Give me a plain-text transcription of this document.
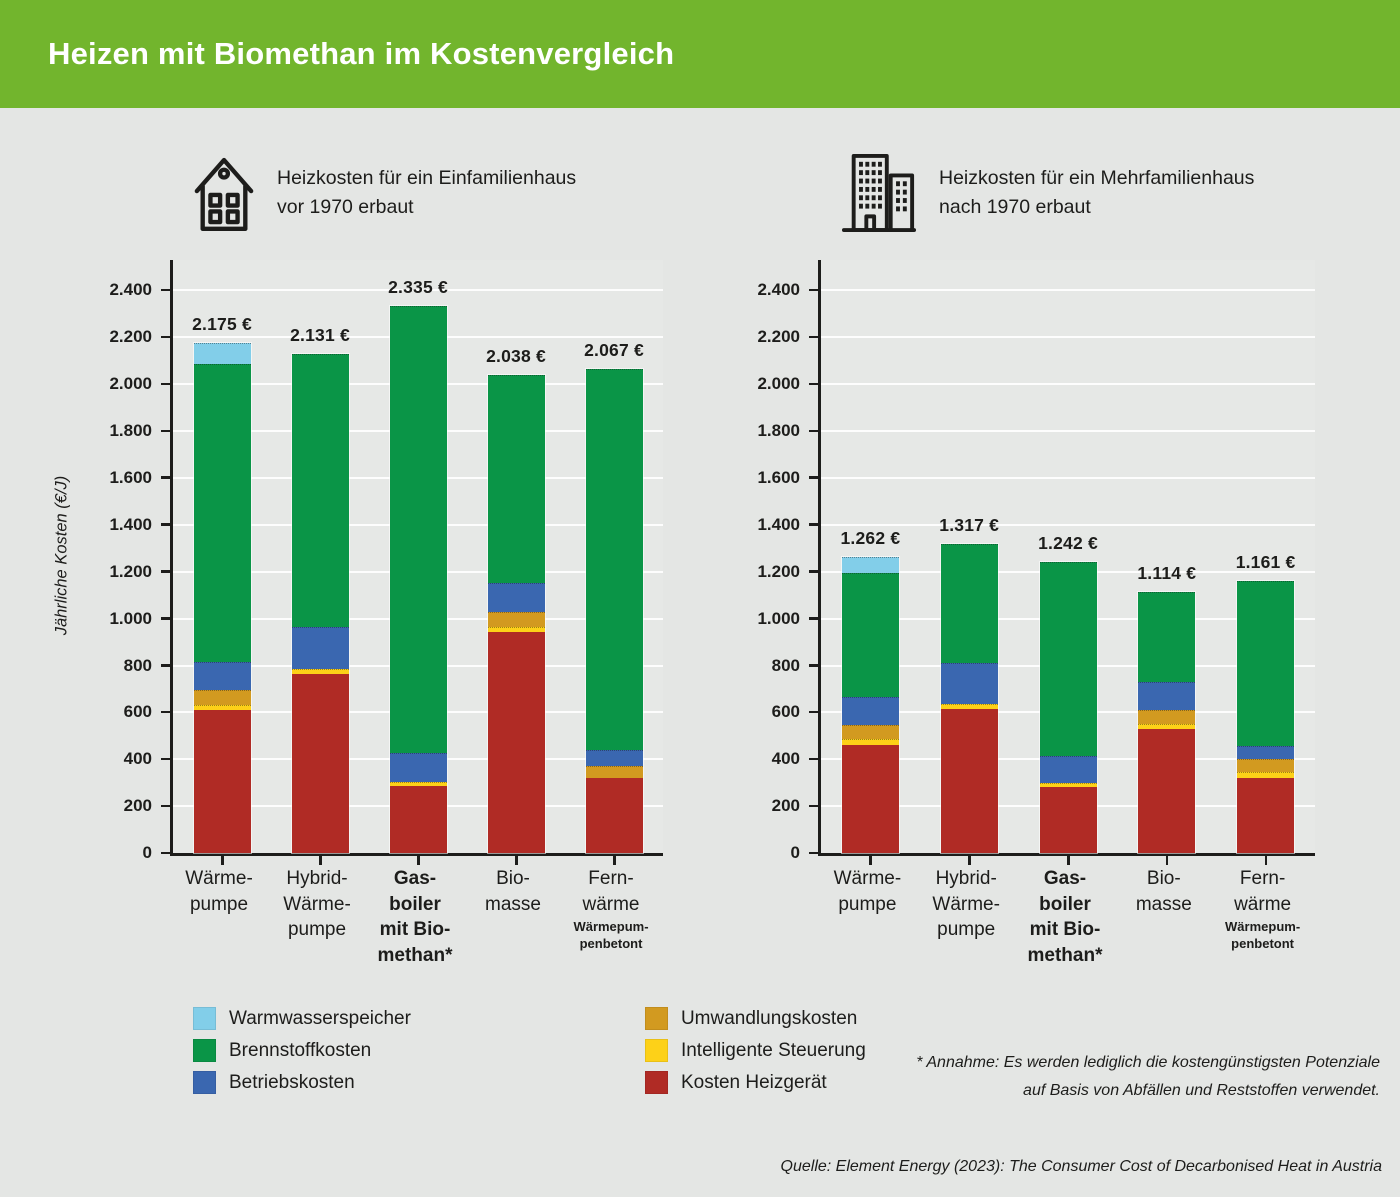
Heizen mit Biomethan im Kostenvergleich
Jährliche Kosten (€/J)
Heizkosten für ein Einfamilienhaus
vor 1970 erbaut
0
200
400
600
800
1.000
1.200
1.400
1.600
1.800
2.000
2.200
2.400
2.175 €
2.131 €
2.335 €
2.038 €	2.067 €
Wärme-
pumpe
Hybrid-
Wärme-
pumpe
Gas-
boiler
mit Bio-
methan*
Bio-
masse
Fern-
wärme
Wärmepum-
penbetont
Heizkosten für ein Mehrfamilienhaus
nach 1970 erbaut
0
200
400
600
800
1.000
1.200
1.400
1.600
1.800
2.000
2.200
2.400
1.262 €
1.317 €
1.242 €
1.114 €
1.161 €
Wärme-
pumpe
Hybrid-
Wärme-
pumpe
Gas-
boiler
mit Bio-
methan*
Bio-
masse
Fern-
wärme
Wärmepum-
penbetont
Warmwasserspeicher
Brennstoffkosten
Betriebskosten
Umwandlungskosten
Intelligente Steuerung
Kosten Heizgerät
* Annahme: Es werden lediglich die kostengünstigsten Potenziale
auf Basis von Abfällen und Reststoffen verwendet.
Quelle: Element Energy (2023): The Consumer Cost of Decarbonised Heat in Austria
